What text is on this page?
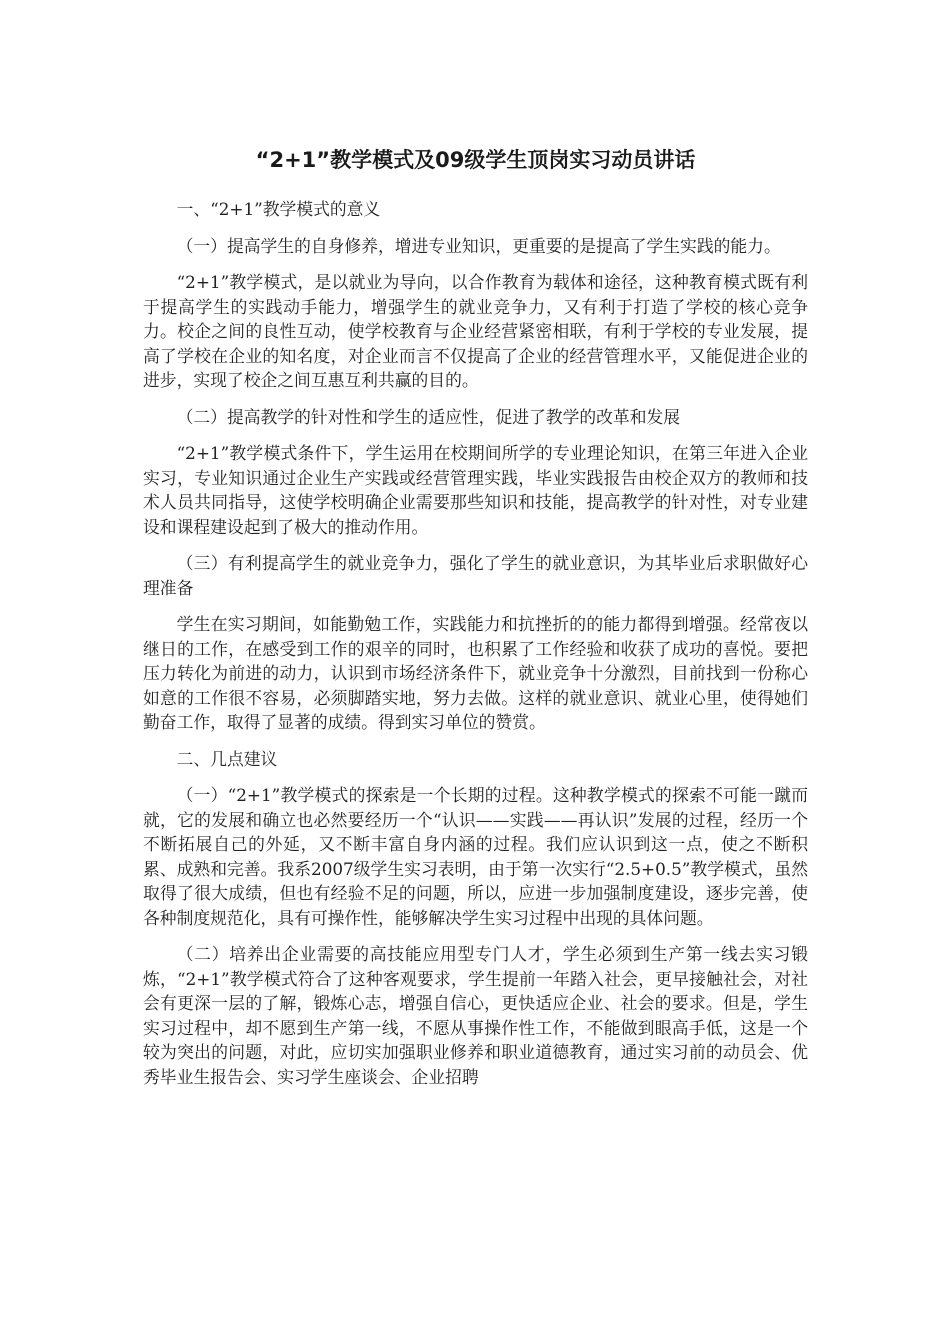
“2+1”教学模式及09级学生顶岗实习动员讲话

一、“2+1”教学模式的意义

（一）提高学生的自身修养，增进专业知识，更重要的是提高了学生实践的能力。

“2+1”教学模式，是以就业为导向，以合作教育为载体和途径，这种教育模式既有利于提高学生的实践动手能力，增强学生的就业竞争力，又有利于打造了学校的核心竞争力。校企之间的良性互动，使学校教育与企业经营紧密相联，有利于学校的专业发展，提高了学校在企业的知名度，对企业而言不仅提高了企业的经营管理水平，又能促进企业的进步，实现了校企之间互惠互利共赢的目的。

（二）提高教学的针对性和学生的适应性，促进了教学的改革和发展

“2+1”教学模式条件下，学生运用在校期间所学的专业理论知识，在第三年进入企业实习，专业知识通过企业生产实践或经营管理实践，毕业实践报告由校企双方的教师和技术人员共同指导，这使学校明确企业需要那些知识和技能，提高教学的针对性，对专业建设和课程建设起到了极大的推动作用。

（三）有利提高学生的就业竞争力，强化了学生的就业意识，为其毕业后求职做好心理准备

学生在实习期间，如能勤勉工作，实践能力和抗挫折的的能力都得到增强。经常夜以继日的工作，在感受到工作的艰辛的同时，也积累了工作经验和收获了成功的喜悦。要把压力转化为前进的动力，认识到市场经济条件下，就业竞争十分激烈，目前找到一份称心如意的工作很不容易，必须脚踏实地，努力去做。这样的就业意识、就业心里，使得她们勤奋工作，取得了显著的成绩。得到实习单位的赞赏。

二、几点建议

（一）“2+1”教学模式的探索是一个长期的过程。这种教学模式的探索不可能一蹴而就，它的发展和确立也必然要经历一个“认识——实践——再认识”发展的过程，经历一个不断拓展自己的外延，又不断丰富自身内涵的过程。我们应认识到这一点，使之不断积累、成熟和完善。我系2007级学生实习表明，由于第一次实行“2.5+0.5”教学模式，虽然取得了很大成绩，但也有经验不足的问题，所以，应进一步加强制度建设，逐步完善，使各种制度规范化，具有可操作性，能够解决学生实习过程中出现的具体问题。

（二）培养出企业需要的高技能应用型专门人才，学生必须到生产第一线去实习锻炼，“2+1”教学模式符合了这种客观要求，学生提前一年踏入社会，更早接触社会，对社会有更深一层的了解，锻炼心志，增强自信心，更快适应企业、社会的要求。但是，学生实习过程中，却不愿到生产第一线，不愿从事操作性工作，不能做到眼高手低，这是一个较为突出的问题，对此，应切实加强职业修养和职业道德教育，通过实习前的动员会、优秀毕业生报告会、实习学生座谈会、企业招聘
